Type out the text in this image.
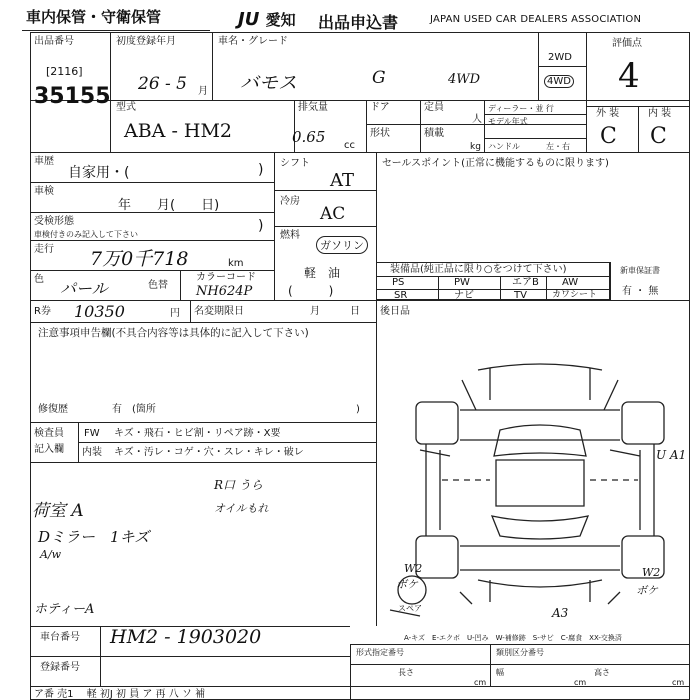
車内保管・守衛保管	JU 愛知 出品申込書	JAPAN USED CAR DEALERS ASSOCIATION
出品番号
[2116]
35155
初度登録年月
26 - 5 月
車名・グレード
バモス	G	4WD
2WD
4WD
評価点
4
型式
ABA - HM2
排気量
0.65 cc
ドア	定員
人
形状	積載
kg
ディーラー・並 行
モデル年式
ハンドル	左・右
外 装	内 装
C C
車歴
自家用・(	)
車検
年　　月(　　日)
受検形態
車検付きのみ記入して下さい
)
走行 7万0千718	km
色 パール	色替
カラーコード
NH624P
シフト
AT
冷房
AC
燃料
ガソリン
軽　油
(　　　)
セールスポイント(正常に機能するものに限ります)
装備品(純正品に限り○をつけて下さい)
PS	PW	エアB AW
SR	ナビ	TV	カワシート
新車保証書
有 ・ 無
R券 10350	円 名変期限日	月　　　日 後日品
注意事項申告欄(不具合内容等は具体的に記入して下さい)
修復歴	有　(箇所	)
検査員
記入欄
FW キズ・飛石・ヒビ割・リペア跡・X要
内装 キズ・汚レ・コゲ・穴・スレ・キレ・破レ
荷室 A
Dミラー　1キズ
A/w
ホティーA
R口 うら
オイルもれ
U A1
W2
ボケ
W2
ボケ
A3
スペア
A-キズ　E-エクボ　U-凹み　W-補修跡　S-サビ　C-腐食　XX-交換済
車台番号 HM2 - 1903020
登録番号
形式指定番号	類別区分番号
長さ
cm
幅
cm
高さ
cm
ア番 売1 　軽 初J 初 員 ア 再 八 ソ 補
